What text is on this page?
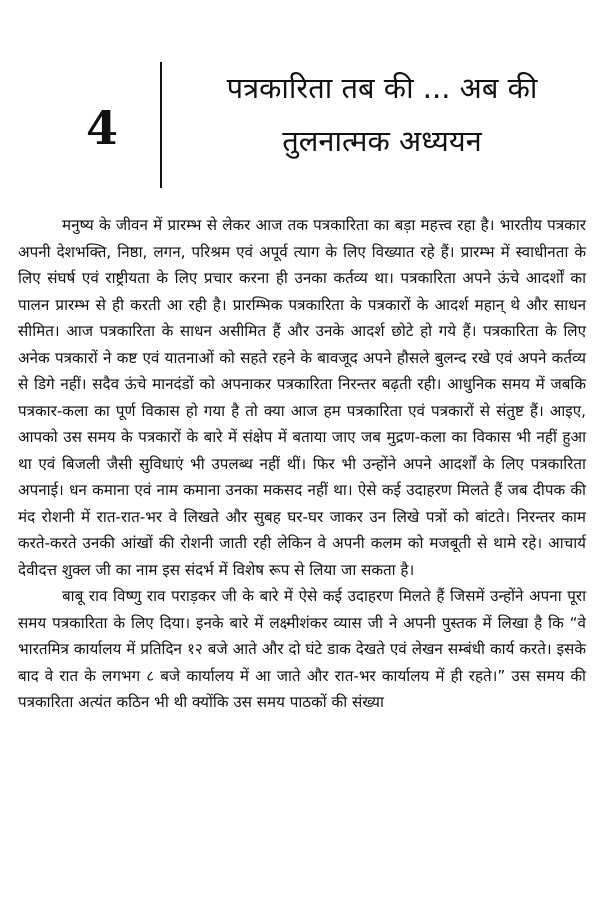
4
पत्रकारिता तब की ... अब की
तुलनात्मक अध्ययन

मनुष्य के जीवन में प्रारम्भ से लेकर आज तक पत्रकारिता का बड़ा महत्त्व रहा है। भारतीय पत्रकार अपनी देशभक्ति, निष्ठा, लगन, परिश्रम एवं अपूर्व त्याग के लिए विख्यात रहे हैं। प्रारम्भ में स्वाधीनता के लिए संघर्ष एवं राष्ट्रीयता के लिए प्रचार करना ही उनका कर्तव्य था। पत्रकारिता अपने ऊंचे आदर्शों का पालन प्रारम्भ से ही करती आ रही है। प्रारम्भिक पत्रकारिता के पत्रकारों के आदर्श महान् थे और साधन सीमित। आज पत्रकारिता के साधन असीमित हैं और उनके आदर्श छोटे हो गये हैं। पत्रकारिता के लिए अनेक पत्रकारों ने कष्ट एवं यातनाओं को सहते रहने के बावजूद अपने हौसले बुलन्द रखे एवं अपने कर्तव्य से डिगे नहीं। सदैव ऊंचे मानदंडों को अपनाकर पत्रकारिता निरन्तर बढ़ती रही। आधुनिक समय में जबकि पत्रकार-कला का पूर्ण विकास हो गया है तो क्या आज हम पत्रकारिता एवं पत्रकारों से संतुष्ट हैं। आइए, आपको उस समय के पत्रकारों के बारे में संक्षेप में बताया जाए जब मुद्रण-कला का विकास भी नहीं हुआ था एवं बिजली जैसी सुविधाएं भी उपलब्ध नहीं थीं। फिर भी उन्होंने अपने आदर्शों के लिए पत्रकारिता अपनाई। धन कमाना एवं नाम कमाना उनका मकसद नहीं था। ऐसे कई उदाहरण मिलते हैं जब दीपक की मंद रोशनी में रात-रात-भर वे लिखते और सुबह घर-घर जाकर उन लिखे पत्रों को बांटते। निरन्तर काम करते-करते उनकी आंखों की रोशनी जाती रही लेकिन वे अपनी कलम को मजबूती से थामे रहे। आचार्य देवीदत्त शुक्ल जी का नाम इस संदर्भ में विशेष रूप से लिया जा सकता है।

बाबू राव विष्णु राव पराड़कर जी के बारे में ऐसे कई उदाहरण मिलते हैं जिसमें उन्होंने अपना पूरा समय पत्रकारिता के लिए दिया। इनके बारे में लक्ष्मीशंकर व्यास जी ने अपनी पुस्तक में लिखा है कि “वे भारतमित्र कार्यालय में प्रतिदिन १२ बजे आते और दो घंटे डाक देखते एवं लेखन सम्बंधी कार्य करते। इसके बाद वे रात के लगभग ८ बजे कार्यालय में आ जाते और रात-भर कार्यालय में ही रहते।” उस समय की पत्रकारिता अत्यंत कठिन भी थी क्योंकि उस समय पाठकों की संख्या
